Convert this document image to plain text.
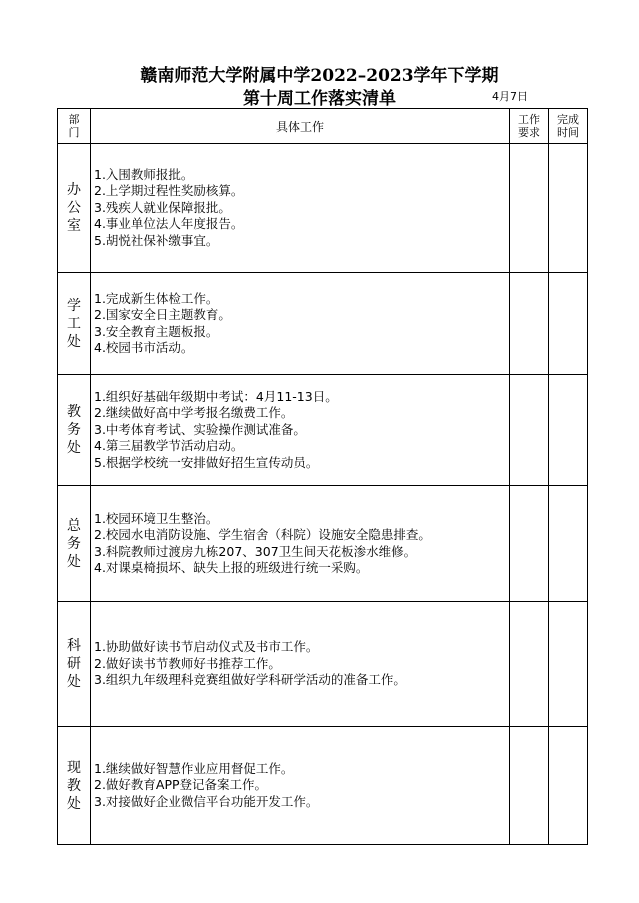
赣南师范大学附属中学2022–2023学年下学期
第十周工作落实清单	4月7日
部门	具体工作	工作要求	完成时间

办公室	1.入围教师报批。
2.上学期过程性奖励核算。
3.残疾人就业保障报批。
4.事业单位法人年度报告。
5.胡悦社保补缴事宜。		

学工处	1.完成新生体检工作。
2.国家安全日主题教育。
3.安全教育主题板报。
4.校园书市活动。		

教务处	1.组织好基础年级期中考试：4月11-13日。
2.继续做好高中学考报名缴费工作。
3.中考体育考试、实验操作测试准备。
4.第三届教学节活动启动。
5.根据学校统一安排做好招生宣传动员。		

总务处	1.校园环境卫生整治。
2.校园水电消防设施、学生宿舍（科院）设施安全隐患排查。
3.科院教师过渡房九栋207、307卫生间天花板渗水维修。
4.对课桌椅损坏、缺失上报的班级进行统一采购。		

科研处	1.协助做好读书节启动仪式及书市工作。
2.做好读书节教师好书推荐工作。
3.组织九年级理科竞赛组做好学科研学活动的准备工作。		

现教处	1.继续做好智慧作业应用督促工作。
2.做好教育APP登记备案工作。
3.对接做好企业微信平台功能开发工作。		
